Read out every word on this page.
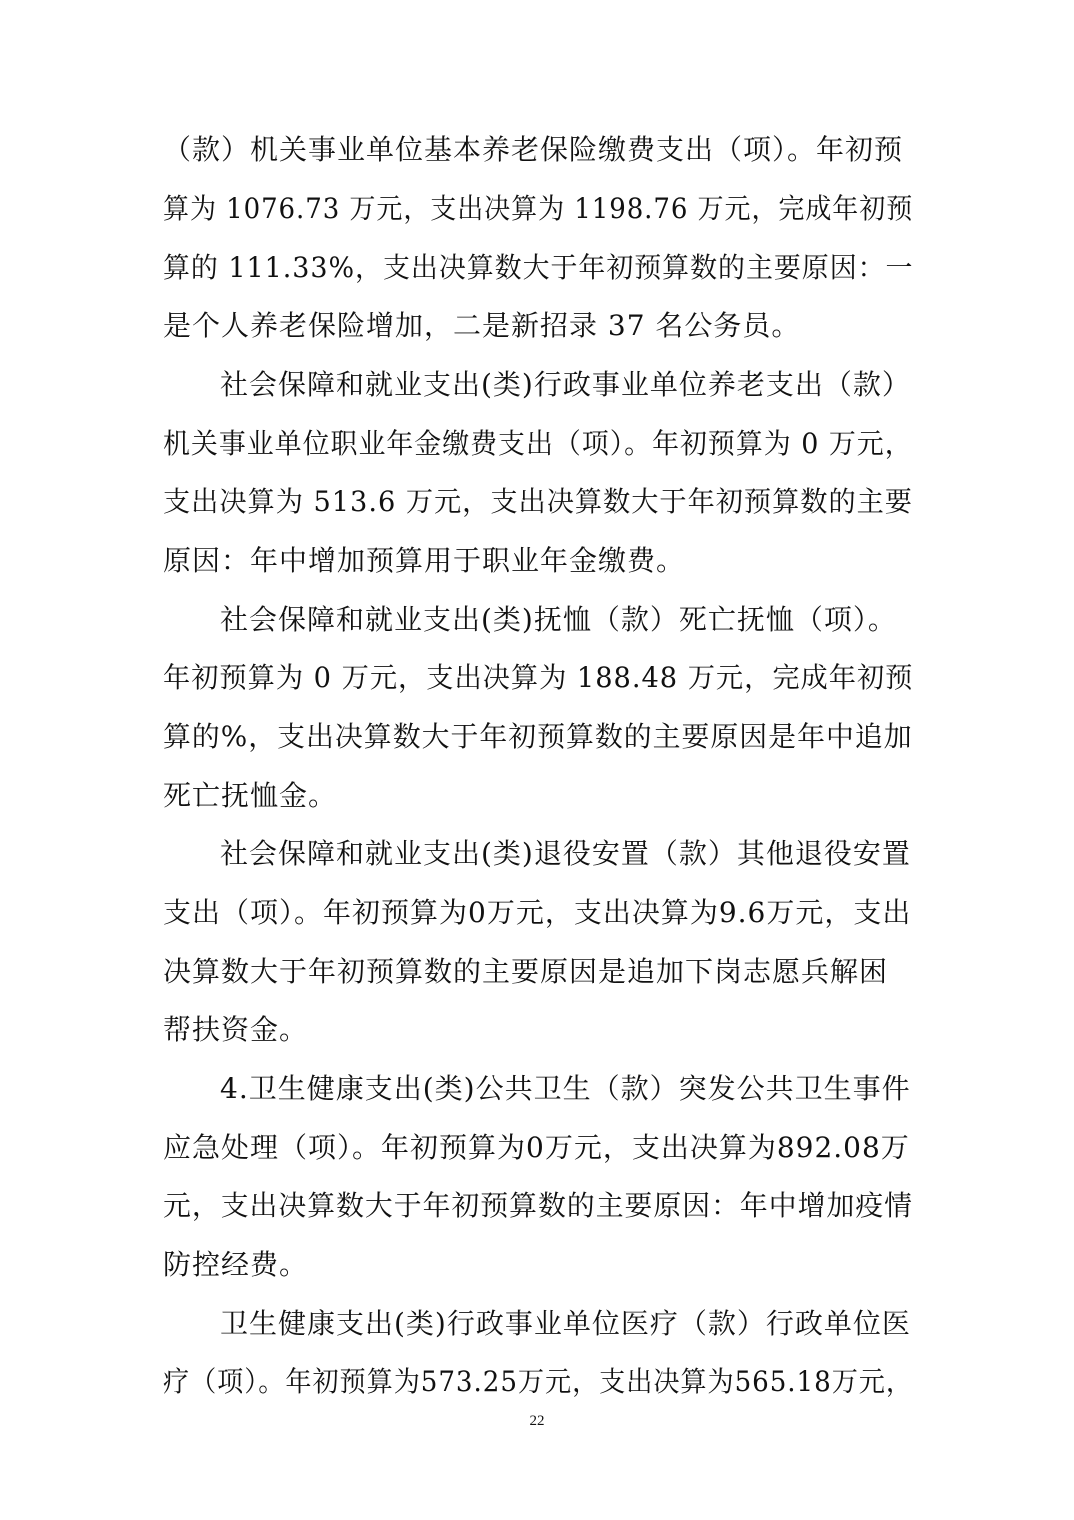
（款）机关事业单位基本养老保险缴费支出（项）。年初预
算为 1076.73 万元，支出决算为 1198.76 万元，完成年初预
算的 111.33%，支出决算数大于年初预算数的主要原因：一
是个人养老保险增加，二是新招录 37 名公务员。
社会保障和就业支出(类)行政事业单位养老支出（款）
机关事业单位职业年金缴费支出（项）。年初预算为 0 万元，
支出决算为 513.6 万元，支出决算数大于年初预算数的主要
原因：年中增加预算用于职业年金缴费。
社会保障和就业支出(类)抚恤（款）死亡抚恤（项）。
年初预算为 0 万元，支出决算为 188.48 万元，完成年初预
算的%，支出决算数大于年初预算数的主要原因是年中追加
死亡抚恤金。
社会保障和就业支出(类)退役安置（款）其他退役安置
支出（项）。年初预算为0万元，支出决算为9.6万元，支出
决算数大于年初预算数的主要原因是追加下岗志愿兵解困
帮扶资金。
4.卫生健康支出(类)公共卫生（款）突发公共卫生事件
应急处理（项）。年初预算为0万元，支出决算为892.08万
元，支出决算数大于年初预算数的主要原因：年中增加疫情
防控经费。
卫生健康支出(类)行政事业单位医疗（款）行政单位医
疗（项）。年初预算为573.25万元，支出决算为565.18万元，
22
